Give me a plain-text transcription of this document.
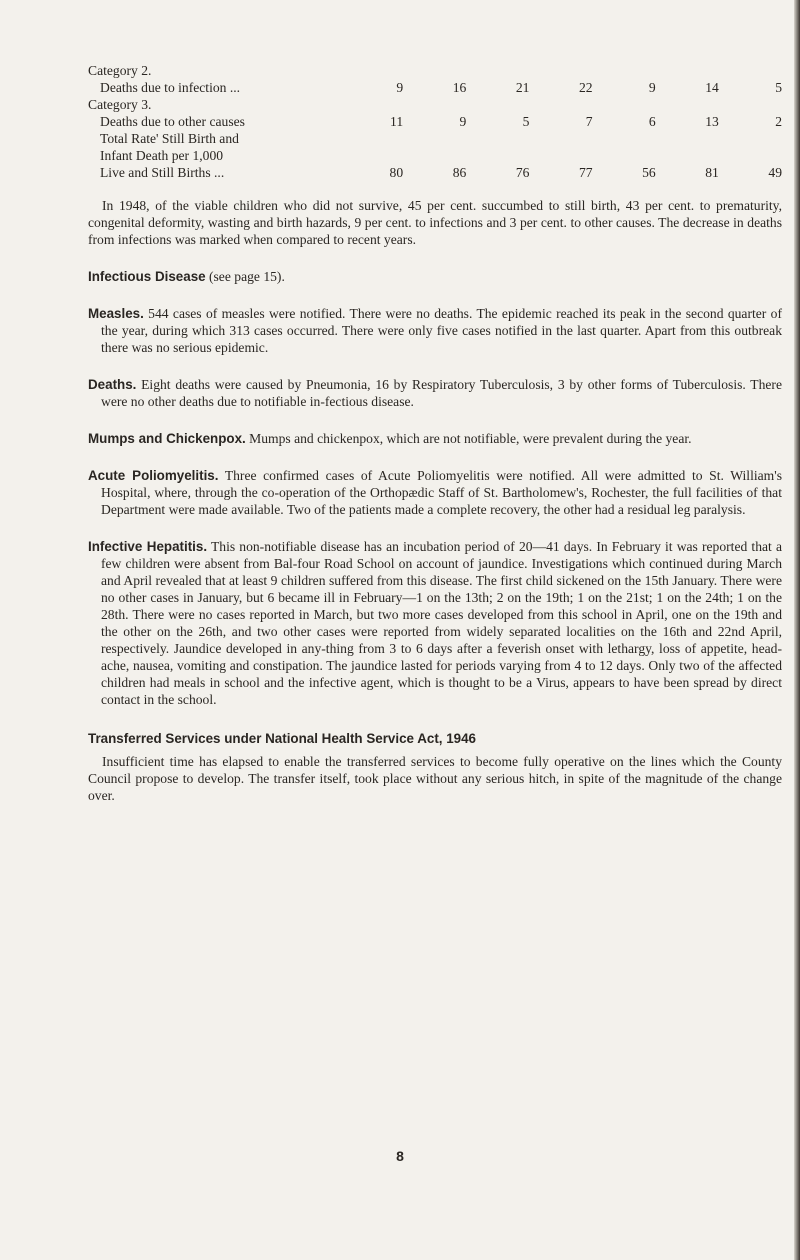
Category 2.							
Deaths due to infection ...	9	16	21	22	9	14	5
Category 3.							
Deaths due to other causes	11	9	5	7	6	13	2
Total Rate' Still Birth and							
Infant Death per 1,000							
Live and Still Births ...	80	86	76	77	56	81	49

In 1948, of the viable children who did not survive, 45 per cent. succumbed to still birth, 43 per cent. to prematurity, congenital deformity, wasting and birth hazards, 9 per cent. to infections and 3 per cent. to other causes. The decrease in deaths from infections was marked when compared to recent years.

Infectious Disease (see page 15).

Measles. 544 cases of measles were notified. There were no deaths. The epidemic reached its peak in the second quarter of the year, during which 313 cases occurred. There were only five cases notified in the last quarter. Apart from this outbreak there was no serious epidemic.

Deaths. Eight deaths were caused by Pneumonia, 16 by Respiratory Tuberculosis, 3 by other forms of Tuberculosis. There were no other deaths due to notifiable in-fectious disease.

Mumps and Chickenpox. Mumps and chickenpox, which are not notifiable, were prevalent during the year.

Acute Poliomyelitis. Three confirmed cases of Acute Poliomyelitis were notified. All were admitted to St. William's Hospital, where, through the co-operation of the Orthopædic Staff of St. Bartholomew's, Rochester, the full facilities of that Department were made available. Two of the patients made a complete recovery, the other had a residual leg paralysis.

Infective Hepatitis. This non-notifiable disease has an incubation period of 20—41 days. In February it was reported that a few children were absent from Bal-four Road School on account of jaundice. Investigations which continued during March and April revealed that at least 9 children suffered from this disease. The first child sickened on the 15th January. There were no other cases in January, but 6 became ill in February—1 on the 13th; 2 on the 19th; 1 on the 21st; 1 on the 24th; 1 on the 28th. There were no cases reported in March, but two more cases developed from this school in April, one on the 19th and the other on the 26th, and two other cases were reported from widely separated localities on the 16th and 22nd April, respectively. Jaundice developed in any-thing from 3 to 6 days after a feverish onset with lethargy, loss of appetite, head-ache, nausea, vomiting and constipation. The jaundice lasted for periods varying from 4 to 12 days. Only two of the affected children had meals in school and the infective agent, which is thought to be a Virus, appears to have been spread by direct contact in the school.

Transferred Services under National Health Service Act, 1946

Insufficient time has elapsed to enable the transferred services to become fully operative on the lines which the County Council propose to develop. The transfer itself, took place without any serious hitch, in spite of the magnitude of the change over.

8
